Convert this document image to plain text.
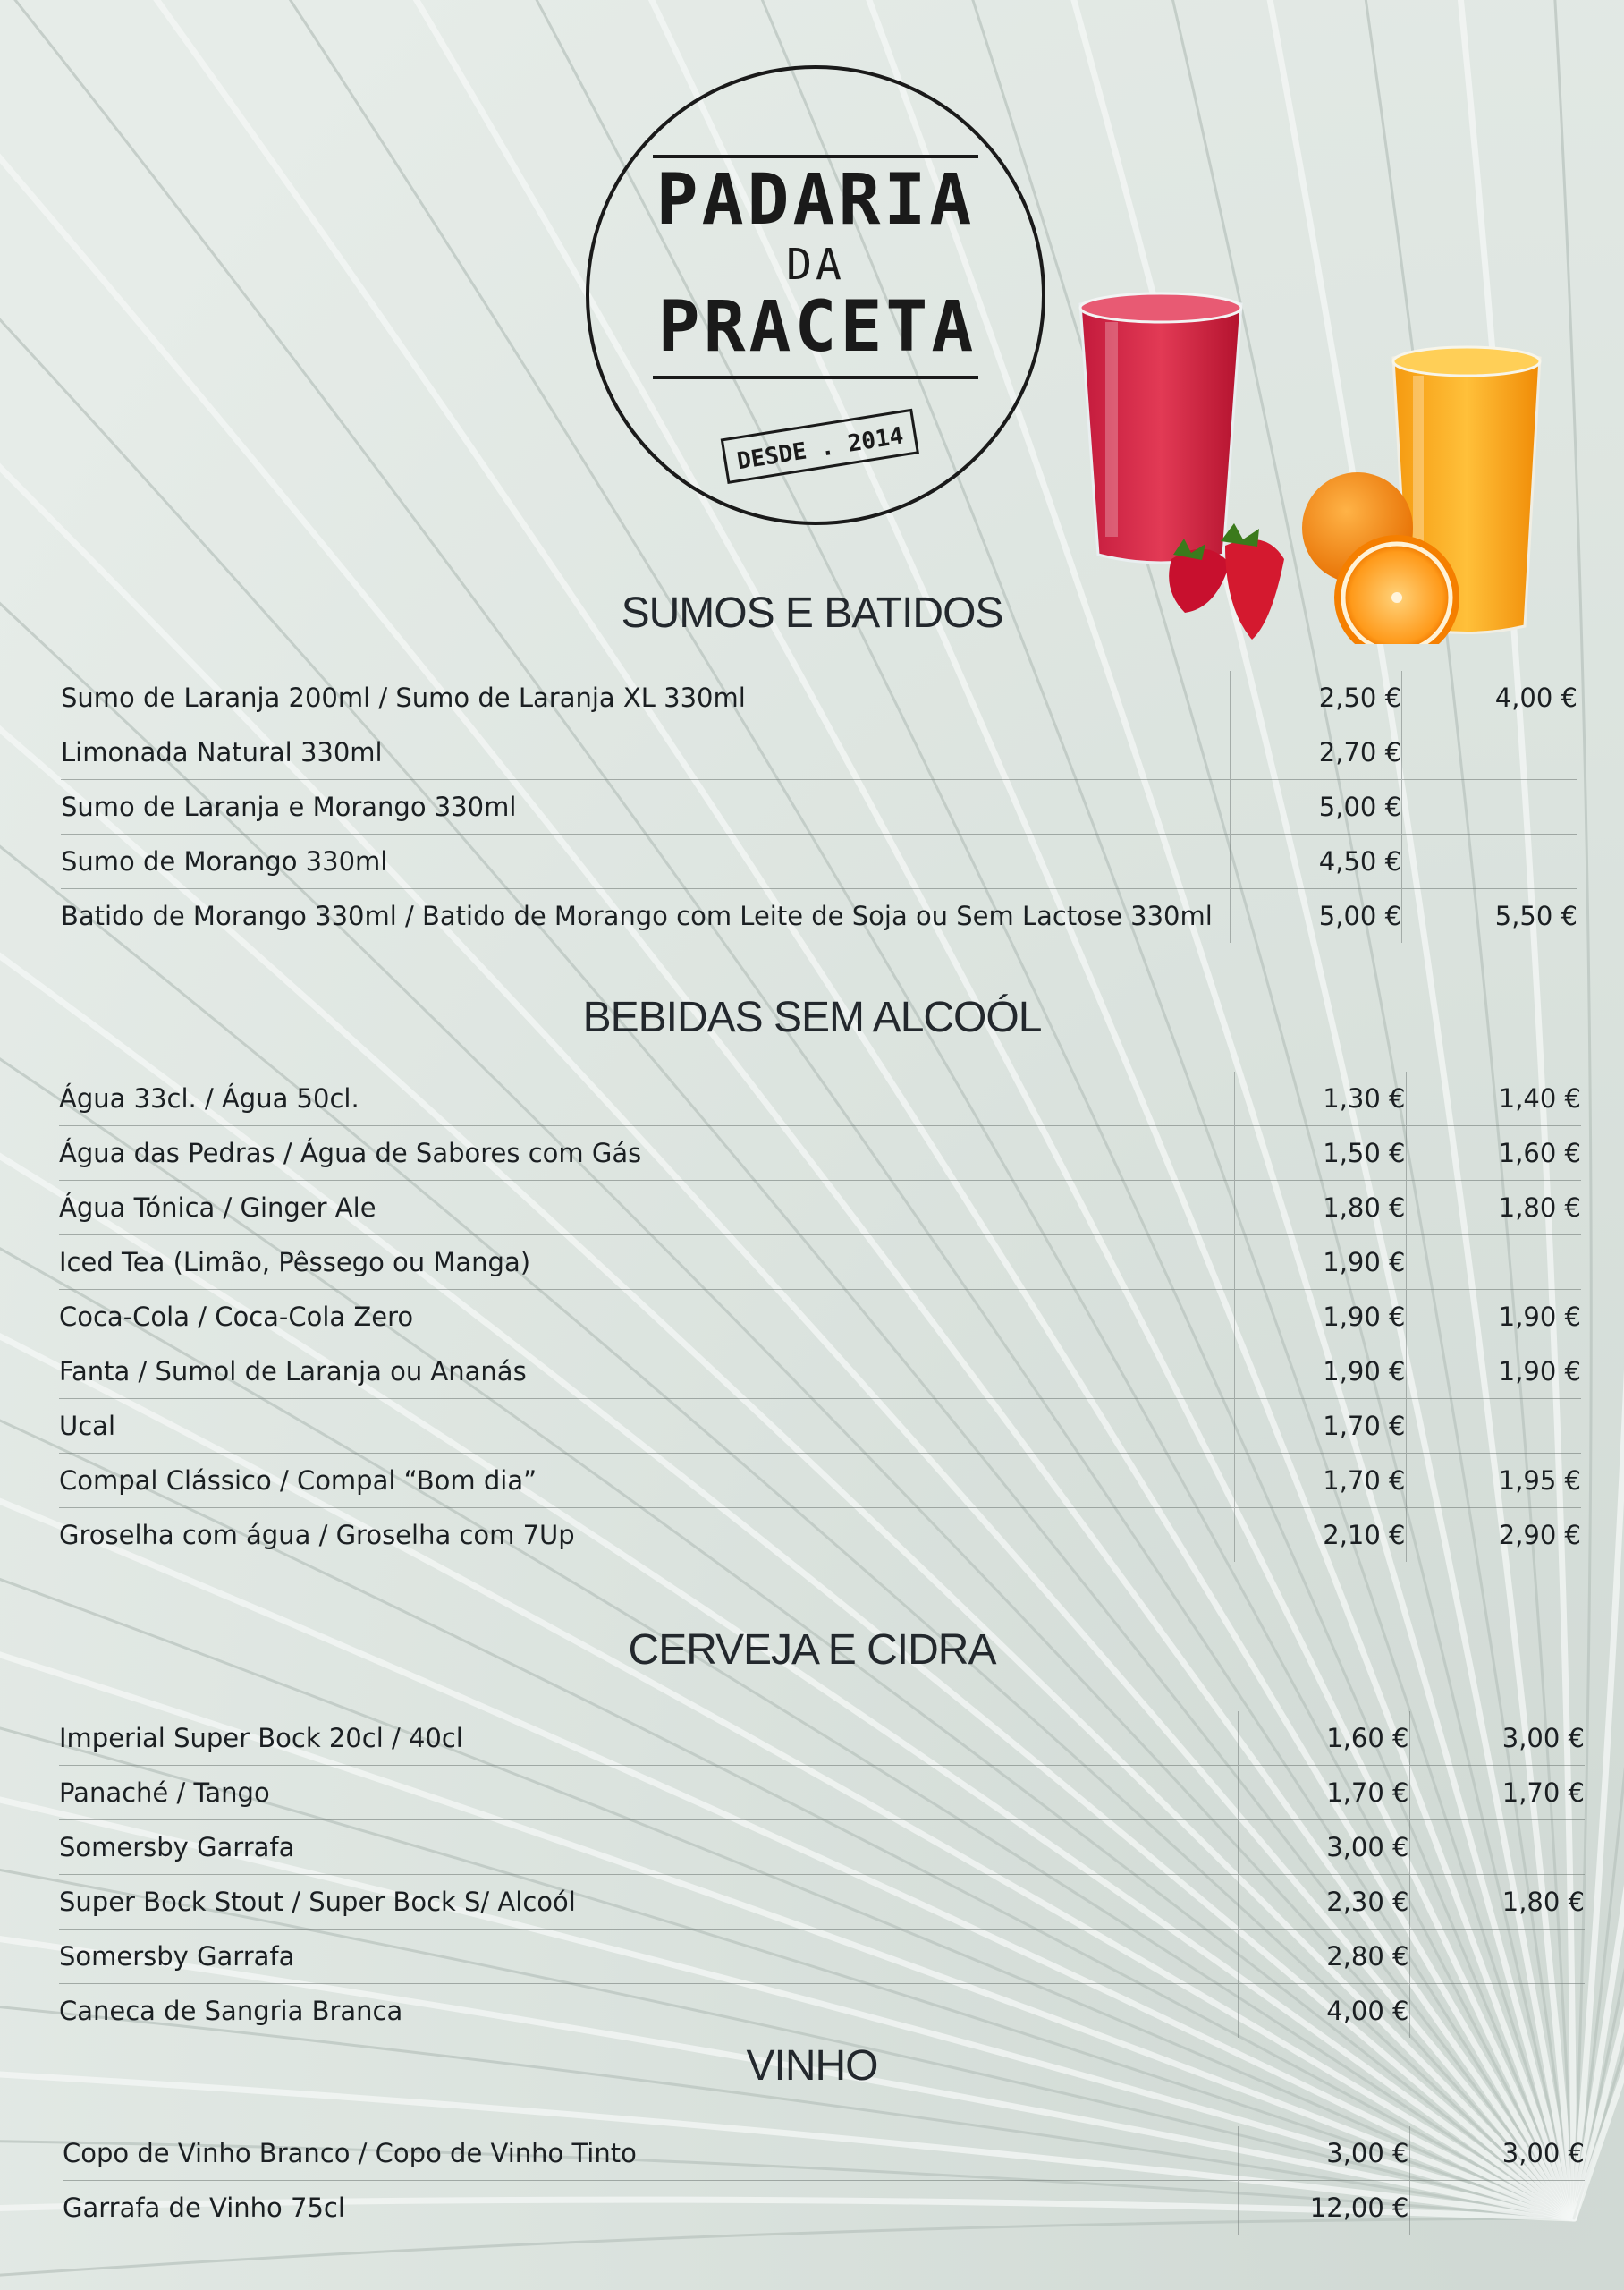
PADARIA
DA
PRACETA
DESDE . 2014
SUMOS E BATIDOS
Sumo de Laranja 200ml / Sumo de Laranja XL 330ml	2,50 €	4,00 €
Limonada Natural 330ml	2,70 €	
Sumo de Laranja e Morango 330ml	5,00 €	
Sumo de Morango 330ml	4,50 €	
Batido de Morango 330ml / Batido de Morango com Leite de Soja ou Sem Lactose 330ml	5,00 €	5,50 €
BEBIDAS SEM ALCOÓL
Água 33cl. / Água 50cl.	1,30 €	1,40 €
Água das Pedras / Água de Sabores com Gás	1,50 €	1,60 €
Água Tónica / Ginger Ale	1,80 €	1,80 €
Iced Tea (Limão, Pêssego ou Manga)	1,90 €	
Coca-Cola / Coca-Cola Zero	1,90 €	1,90 €
Fanta / Sumol de Laranja ou Ananás	1,90 €	1,90 €
Ucal	1,70 €	
Compal Clássico / Compal “Bom dia”	1,70 €	1,95 €
Groselha com água / Groselha com 7Up	2,10 €	2,90 €
CERVEJA E CIDRA
Imperial Super Bock 20cl / 40cl	1,60 €	3,00 €
Panaché / Tango	1,70 €	1,70 €
Somersby Garrafa	3,00 €	
Super Bock Stout / Super Bock S/ Alcoól	2,30 €	1,80 €
Somersby Garrafa	2,80 €	
Caneca de Sangria Branca	4,00 €	
VINHO
Copo de Vinho Branco / Copo de Vinho Tinto	3,00 €	3,00 €
Garrafa de Vinho 75cl	12,00 €	
